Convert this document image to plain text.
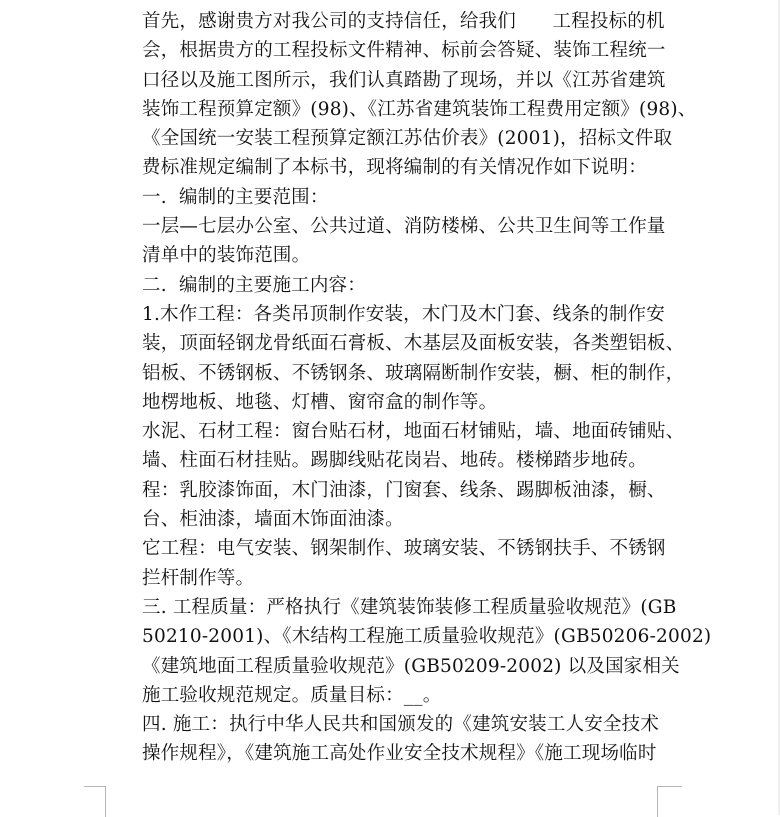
首先，感谢贵方对我公司的支持信任，给我们      工程投标的机
会，根据贵方的工程投标文件精神、标前会答疑、装饰工程统一
口径以及施工图所示，我们认真踏勘了现场，并以《江苏省建筑
装饰工程预算定额》(98)、《江苏省建筑装饰工程费用定额》(98)、
《全国统一安装工程预算定额江苏估价表》(2001)，招标文件取
费标准规定编制了本标书，现将编制的有关情况作如下说明：
一.  编制的主要范围：
一层—七层办公室、公共过道、消防楼梯、公共卫生间等工作量
清单中的装饰范围。
二.  编制的主要施工内容：
1.木作工程：各类吊顶制作安装，木门及木门套、线条的制作安
装，顶面轻钢龙骨纸面石膏板、木基层及面板安装，各类塑铝板、
铝板、不锈钢板、不锈钢条、玻璃隔断制作安装，橱、柜的制作，
地楞地板、地毯、灯槽、窗帘盒的制作等。
水泥、石材工程：窗台贴石材，地面石材铺贴，墙、地面砖铺贴、
墙、柱面石材挂贴。踢脚线贴花岗岩、地砖。楼梯踏步地砖。
程：乳胶漆饰面，木门油漆，门窗套、线条、踢脚板油漆，橱、
台、柜油漆，墙面木饰面油漆。
它工程：电气安装、钢架制作、玻璃安装、不锈钢扶手、不锈钢
拦杆制作等。
三. 工程质量：严格执行《建筑装饰装修工程质量验收规范》(GB
50210-2001)、《木结构工程施工质量验收规范》(GB50206-2002)
《建筑地面工程质量验收规范》(GB50209-2002) 以及国家相关
施工验收规范规定。质量目标：__。
四. 施工：执行中华人民共和国颁发的《建筑安装工人安全技术
操作规程》，《建筑施工高处作业安全技术规程》《施工现场临时
